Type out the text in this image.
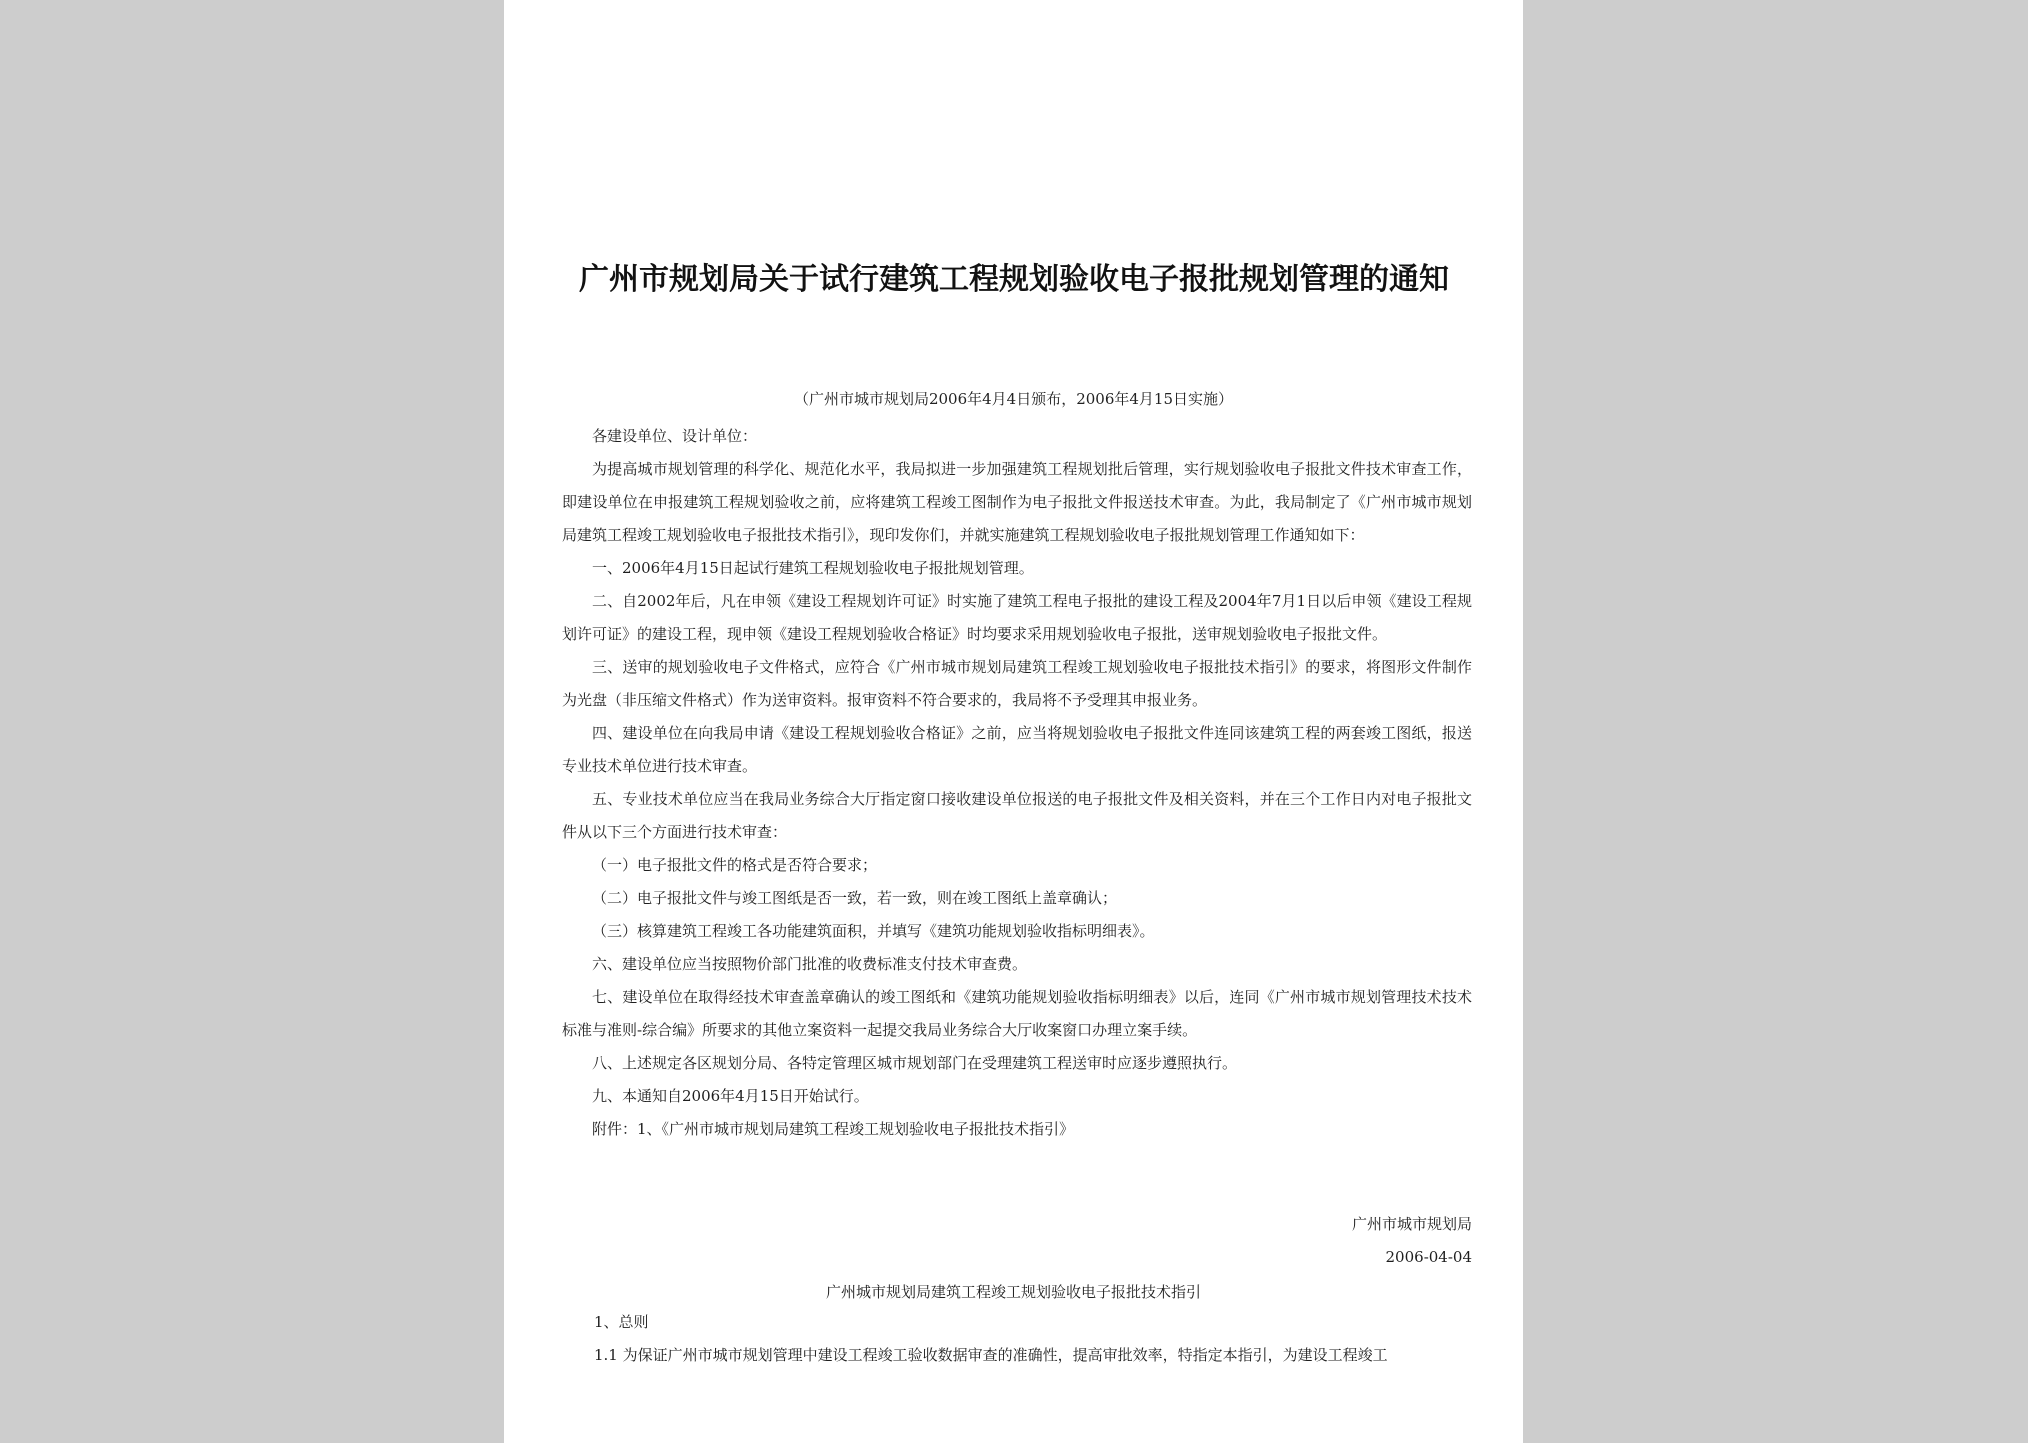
广州市规划局关于试行建筑工程规划验收电子报批规划管理的通知
（广州市城市规划局2006年4月4日颁布，2006年4月15日实施）

各建设单位、设计单位：

为提高城市规划管理的科学化、规范化水平，我局拟进一步加强建筑工程规划批后管理，实行规划验收电子报批文件技术审查工作，即建设单位在申报建筑工程规划验收之前，应将建筑工程竣工图制作为电子报批文件报送技术审查。为此，我局制定了《广州市城市规划局建筑工程竣工规划验收电子报批技术指引》，现印发你们，并就实施建筑工程规划验收电子报批规划管理工作通知如下：

一、2006年4月15日起试行建筑工程规划验收电子报批规划管理。

二、自2002年后，凡在申领《建设工程规划许可证》时实施了建筑工程电子报批的建设工程及2004年7月1日以后申领《建设工程规划许可证》的建设工程，现申领《建设工程规划验收合格证》时均要求采用规划验收电子报批，送审规划验收电子报批文件。

三、送审的规划验收电子文件格式，应符合《广州市城市规划局建筑工程竣工规划验收电子报批技术指引》的要求，将图形文件制作为光盘（非压缩文件格式）作为送审资料。报审资料不符合要求的，我局将不予受理其申报业务。

四、建设单位在向我局申请《建设工程规划验收合格证》之前，应当将规划验收电子报批文件连同该建筑工程的两套竣工图纸，报送专业技术单位进行技术审查。

五、专业技术单位应当在我局业务综合大厅指定窗口接收建设单位报送的电子报批文件及相关资料，并在三个工作日内对电子报批文件从以下三个方面进行技术审查：

（一）电子报批文件的格式是否符合要求；

（二）电子报批文件与竣工图纸是否一致，若一致，则在竣工图纸上盖章确认；

（三）核算建筑工程竣工各功能建筑面积，并填写《建筑功能规划验收指标明细表》。

六、建设单位应当按照物价部门批准的收费标准支付技术审查费。

七、建设单位在取得经技术审查盖章确认的竣工图纸和《建筑功能规划验收指标明细表》以后，连同《广州市城市规划管理技术技术标准与准则-综合编》所要求的其他立案资料一起提交我局业务综合大厅收案窗口办理立案手续。

八、上述规定各区规划分局、各特定管理区城市规划部门在受理建筑工程送审时应逐步遵照执行。

九、本通知自2006年4月15日开始试行。

附件：1、《广州市城市规划局建筑工程竣工规划验收电子报批技术指引》

广州市城市规划局
2006-04-04
广州城市规划局建筑工程竣工规划验收电子报批技术指引

1、总则

1.1 为保证广州市城市规划管理中建设工程竣工验收数据审查的准确性，提高审批效率，特指定本指引，为建设工程竣工
